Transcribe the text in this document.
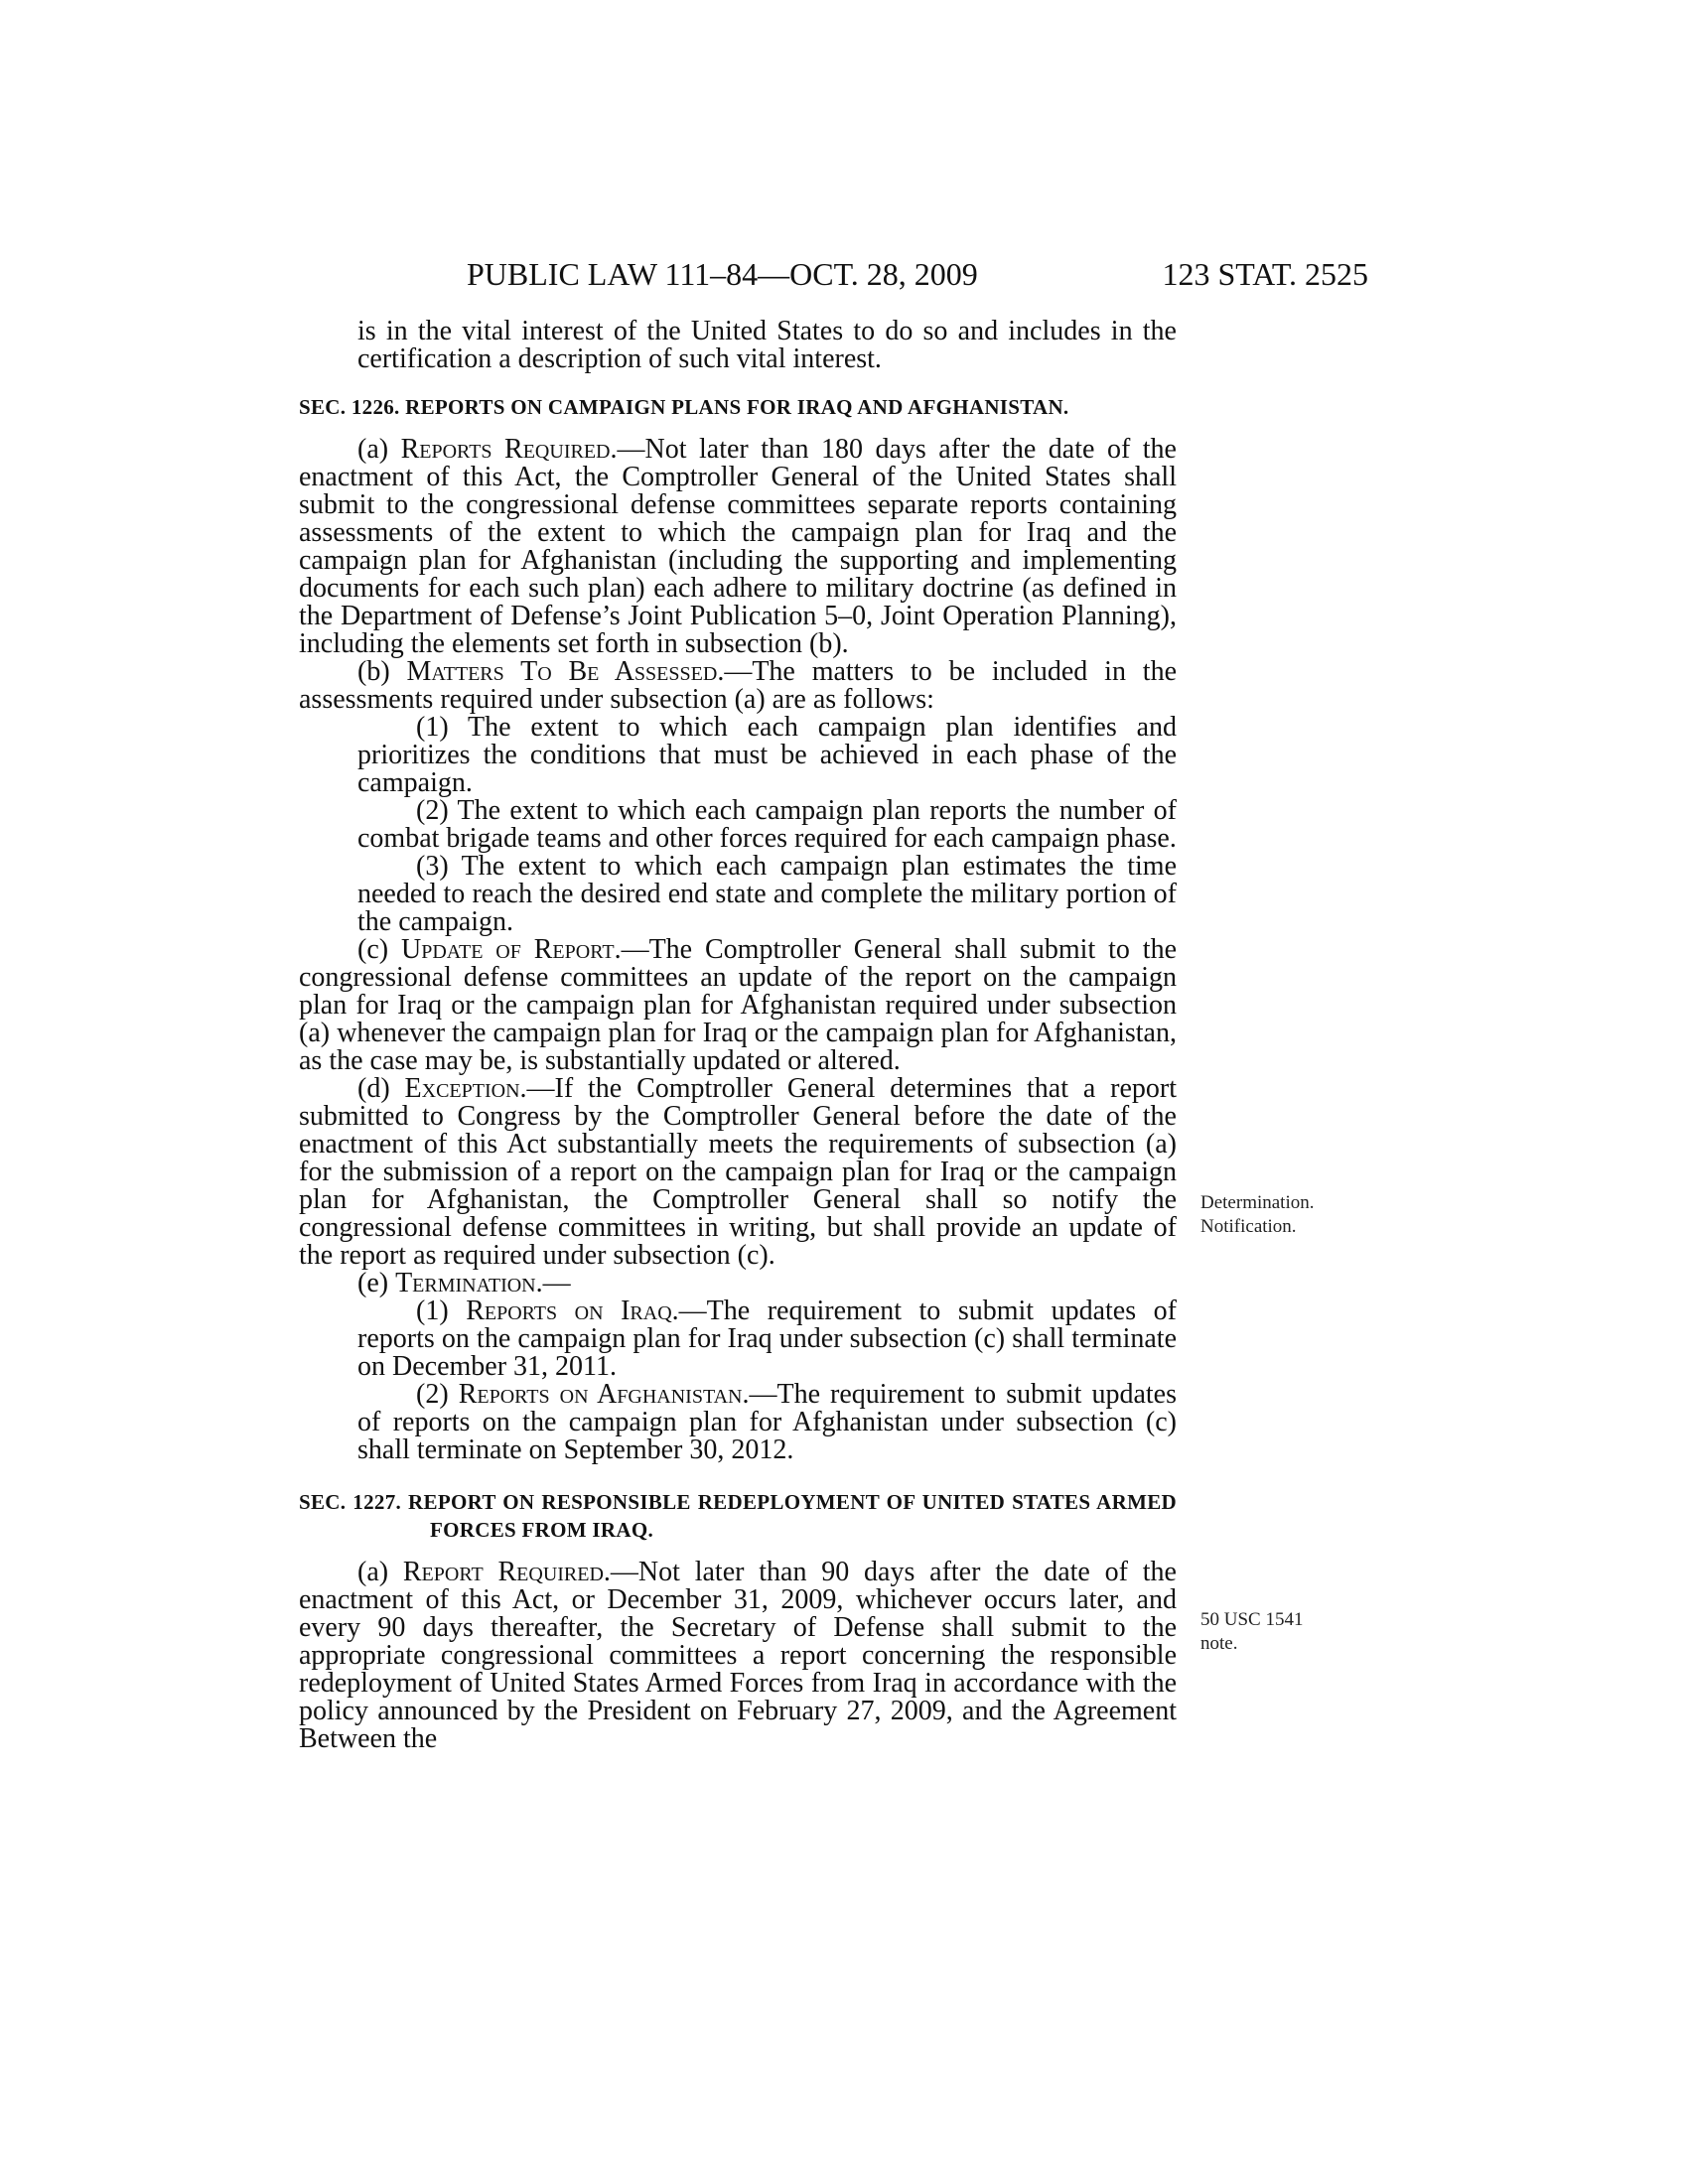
PUBLIC LAW 111–84—OCT. 28, 2009	123 STAT. 2525

is in the vital interest of the United States to do so and includes in the certification a description of such vital interest.

SEC. 1226. REPORTS ON CAMPAIGN PLANS FOR IRAQ AND AFGHANISTAN.

(a) Reports Required.—Not later than 180 days after the date of the enactment of this Act, the Comptroller General of the United States shall submit to the congressional defense committees separate reports containing assessments of the extent to which the campaign plan for Iraq and the campaign plan for Afghanistan (including the supporting and implementing documents for each such plan) each adhere to military doctrine (as defined in the Department of Defense’s Joint Publication 5–0, Joint Operation Planning), including the elements set forth in subsection (b).

(b) Matters To Be Assessed.—The matters to be included in the assessments required under subsection (a) are as follows:

(1) The extent to which each campaign plan identifies and prioritizes the conditions that must be achieved in each phase of the campaign.

(2) The extent to which each campaign plan reports the number of combat brigade teams and other forces required for each campaign phase.

(3) The extent to which each campaign plan estimates the time needed to reach the desired end state and complete the military portion of the campaign.

(c) Update of Report.—The Comptroller General shall submit to the congressional defense committees an update of the report on the campaign plan for Iraq or the campaign plan for Afghanistan required under subsection (a) whenever the campaign plan for Iraq or the campaign plan for Afghanistan, as the case may be, is substantially updated or altered.

(d) Exception.—If the Comptroller General determines that a report submitted to Congress by the Comptroller General before the date of the enactment of this Act substantially meets the requirements of subsection (a) for the submission of a report on the campaign plan for Iraq or the campaign plan for Afghanistan, the Comptroller General shall so notify the congressional defense committees in writing, but shall provide an update of the report as required under subsection (c).

(e) Termination.—

(1) Reports on Iraq.—The requirement to submit updates of reports on the campaign plan for Iraq under subsection (c) shall terminate on December 31, 2011.

(2) Reports on Afghanistan.—The requirement to submit updates of reports on the campaign plan for Afghanistan under subsection (c) shall terminate on September 30, 2012.

SEC. 1227. REPORT ON RESPONSIBLE REDEPLOYMENT OF UNITED STATES ARMED FORCES FROM IRAQ.

(a) Report Required.—Not later than 90 days after the date of the enactment of this Act, or December 31, 2009, whichever occurs later, and every 90 days thereafter, the Secretary of Defense shall submit to the appropriate congressional committees a report concerning the responsible redeployment of United States Armed Forces from Iraq in accordance with the policy announced by the President on February 27, 2009, and the Agreement Between the

Determination.
Notification.
50 USC 1541
note.
